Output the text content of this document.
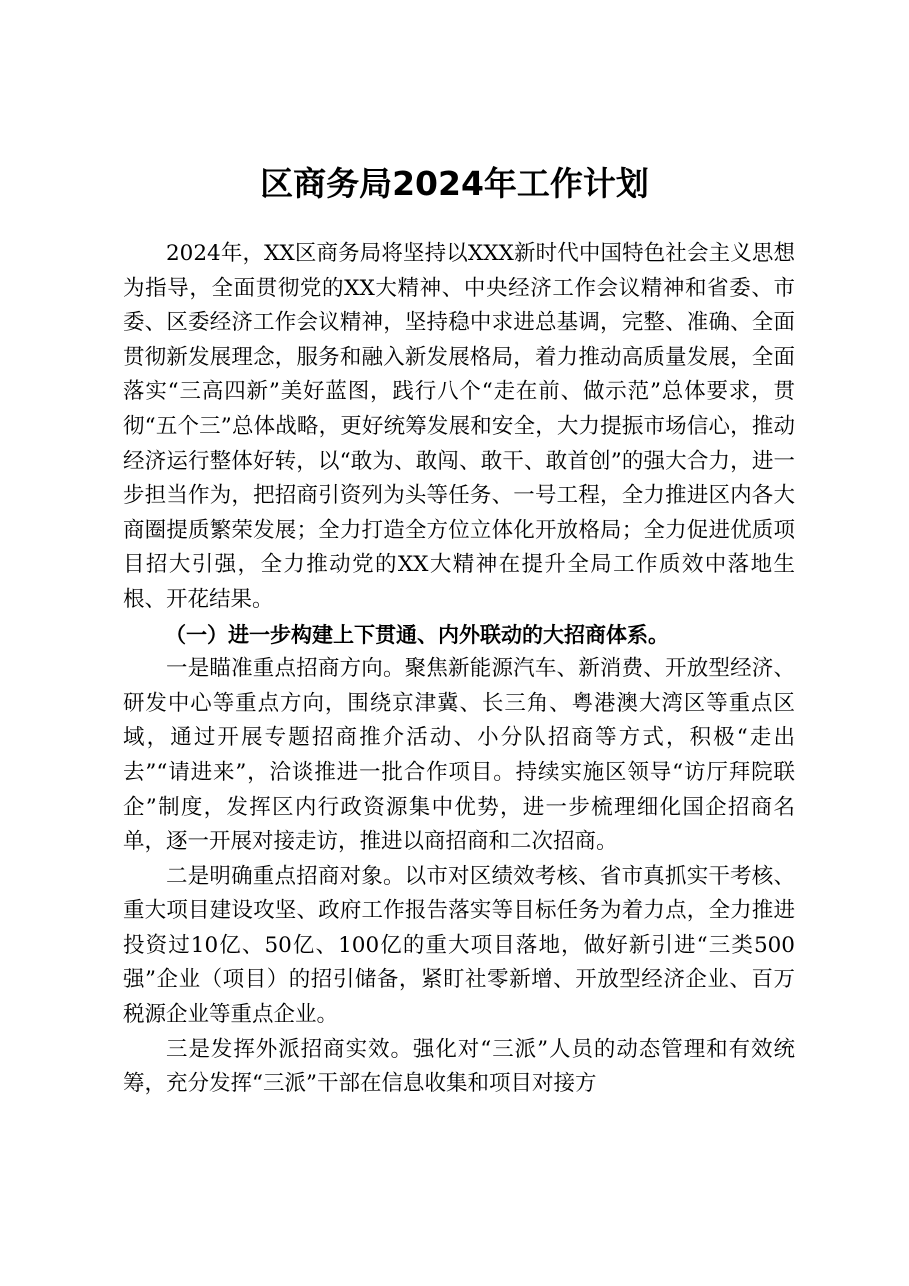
区商务局2024年工作计划

2024年，XX区商务局将坚持以XXX新时代中国特色社会主义思想为指导，全面贯彻党的XX大精神、中央经济工作会议精神和省委、市委、区委经济工作会议精神，坚持稳中求进总基调，完整、准确、全面贯彻新发展理念，服务和融入新发展格局，着力推动高质量发展，全面落实“三高四新”美好蓝图，践行八个“走在前、做示范”总体要求，贯彻“五个三”总体战略，更好统筹发展和安全，大力提振市场信心，推动经济运行整体好转，以“敢为、敢闯、敢干、敢首创”的强大合力，进一步担当作为，把招商引资列为头等任务、一号工程，全力推进区内各大商圈提质繁荣发展；全力打造全方位立体化开放格局；全力促进优质项目招大引强，全力推动党的XX大精神在提升全局工作质效中落地生根、开花结果。

（一）进一步构建上下贯通、内外联动的大招商体系。

一是瞄准重点招商方向。聚焦新能源汽车、新消费、开放型经济、研发中心等重点方向，围绕京津冀、长三角、粤港澳大湾区等重点区域，通过开展专题招商推介活动、小分队招商等方式，积极“走出去”“请进来”，洽谈推进一批合作项目。持续实施区领导“访厅拜院联企”制度，发挥区内行政资源集中优势，进一步梳理细化国企招商名单，逐一开展对接走访，推进以商招商和二次招商。

二是明确重点招商对象。以市对区绩效考核、省市真抓实干考核、重大项目建设攻坚、政府工作报告落实等目标任务为着力点，全力推进投资过10亿、50亿、100亿的重大项目落地，做好新引进“三类500强”企业（项目）的招引储备，紧盯社零新增、开放型经济企业、百万税源企业等重点企业。

三是发挥外派招商实效。强化对“三派”人员的动态管理和有效统筹，充分发挥“三派”干部在信息收集和项目对接方
